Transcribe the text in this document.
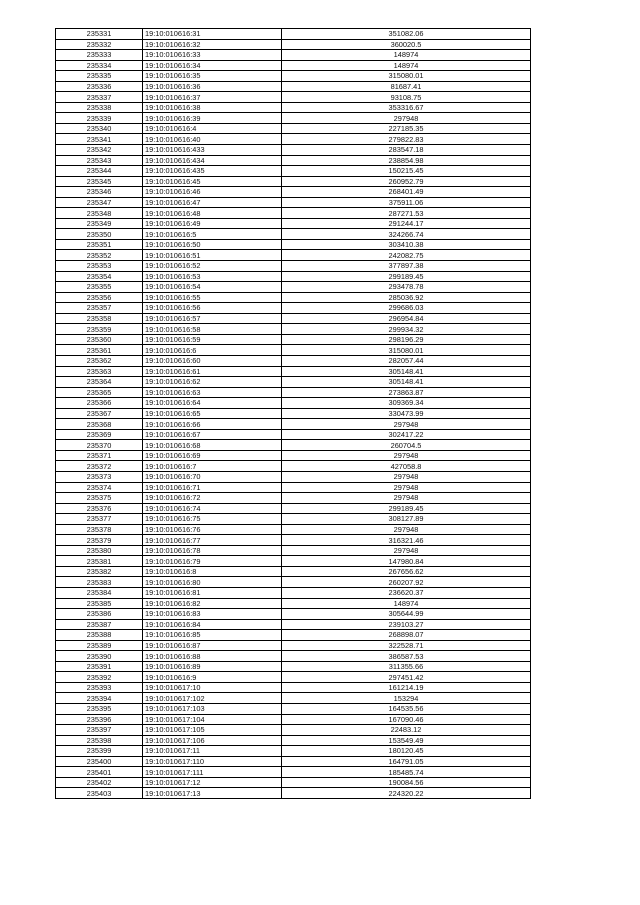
235331	19:10:010616:31	351082.06
235332	19:10:010616:32	360020.5
235333	19:10:010616:33	148974
235334	19:10:010616:34	148974
235335	19:10:010616:35	315080.01
235336	19:10:010616:36	81687.41
235337	19:10:010616:37	93108.75
235338	19:10:010616:38	353316.67
235339	19:10:010616:39	297948
235340	19:10:010616:4	227185.35
235341	19:10:010616:40	279822.83
235342	19:10:010616:433	283547.18
235343	19:10:010616:434	238854.98
235344	19:10:010616:435	150215.45
235345	19:10:010616:45	260952.79
235346	19:10:010616:46	268401.49
235347	19:10:010616:47	375911.06
235348	19:10:010616:48	287271.53
235349	19:10:010616:49	291244.17
235350	19:10:010616:5	324266.74
235351	19:10:010616:50	303410.38
235352	19:10:010616:51	242082.75
235353	19:10:010616:52	377897.38
235354	19:10:010616:53	299189.45
235355	19:10:010616:54	293478.78
235356	19:10:010616:55	285036.92
235357	19:10:010616:56	299686.03
235358	19:10:010616:57	296954.84
235359	19:10:010616:58	299934.32
235360	19:10:010616:59	298196.29
235361	19:10:010616:6	315080.01
235362	19:10:010616:60	282057.44
235363	19:10:010616:61	305148.41
235364	19:10:010616:62	305148.41
235365	19:10:010616:63	273863.87
235366	19:10:010616:64	309369.34
235367	19:10:010616:65	330473.99
235368	19:10:010616:66	297948
235369	19:10:010616:67	302417.22
235370	19:10:010616:68	260704.5
235371	19:10:010616:69	297948
235372	19:10:010616:7	427058.8
235373	19:10:010616:70	297948
235374	19:10:010616:71	297948
235375	19:10:010616:72	297948
235376	19:10:010616:74	299189.45
235377	19:10:010616:75	308127.89
235378	19:10:010616:76	297948
235379	19:10:010616:77	316321.46
235380	19:10:010616:78	297948
235381	19:10:010616:79	147980.84
235382	19:10:010616:8	267656.62
235383	19:10:010616:80	260207.92
235384	19:10:010616:81	236620.37
235385	19:10:010616:82	148974
235386	19:10:010616:83	305644.99
235387	19:10:010616:84	239103.27
235388	19:10:010616:85	268898.07
235389	19:10:010616:87	322528.71
235390	19:10:010616:88	386587.53
235391	19:10:010616:89	311355.66
235392	19:10:010616:9	297451.42
235393	19:10:010617:10	161214.19
235394	19:10:010617:102	153294
235395	19:10:010617:103	164535.56
235396	19:10:010617:104	167090.46
235397	19:10:010617:105	22483.12
235398	19:10:010617:106	153549.49
235399	19:10:010617:11	180120.45
235400	19:10:010617:110	164791.05
235401	19:10:010617:111	185485.74
235402	19:10:010617:12	190084.56
235403	19:10:010617:13	224320.22
